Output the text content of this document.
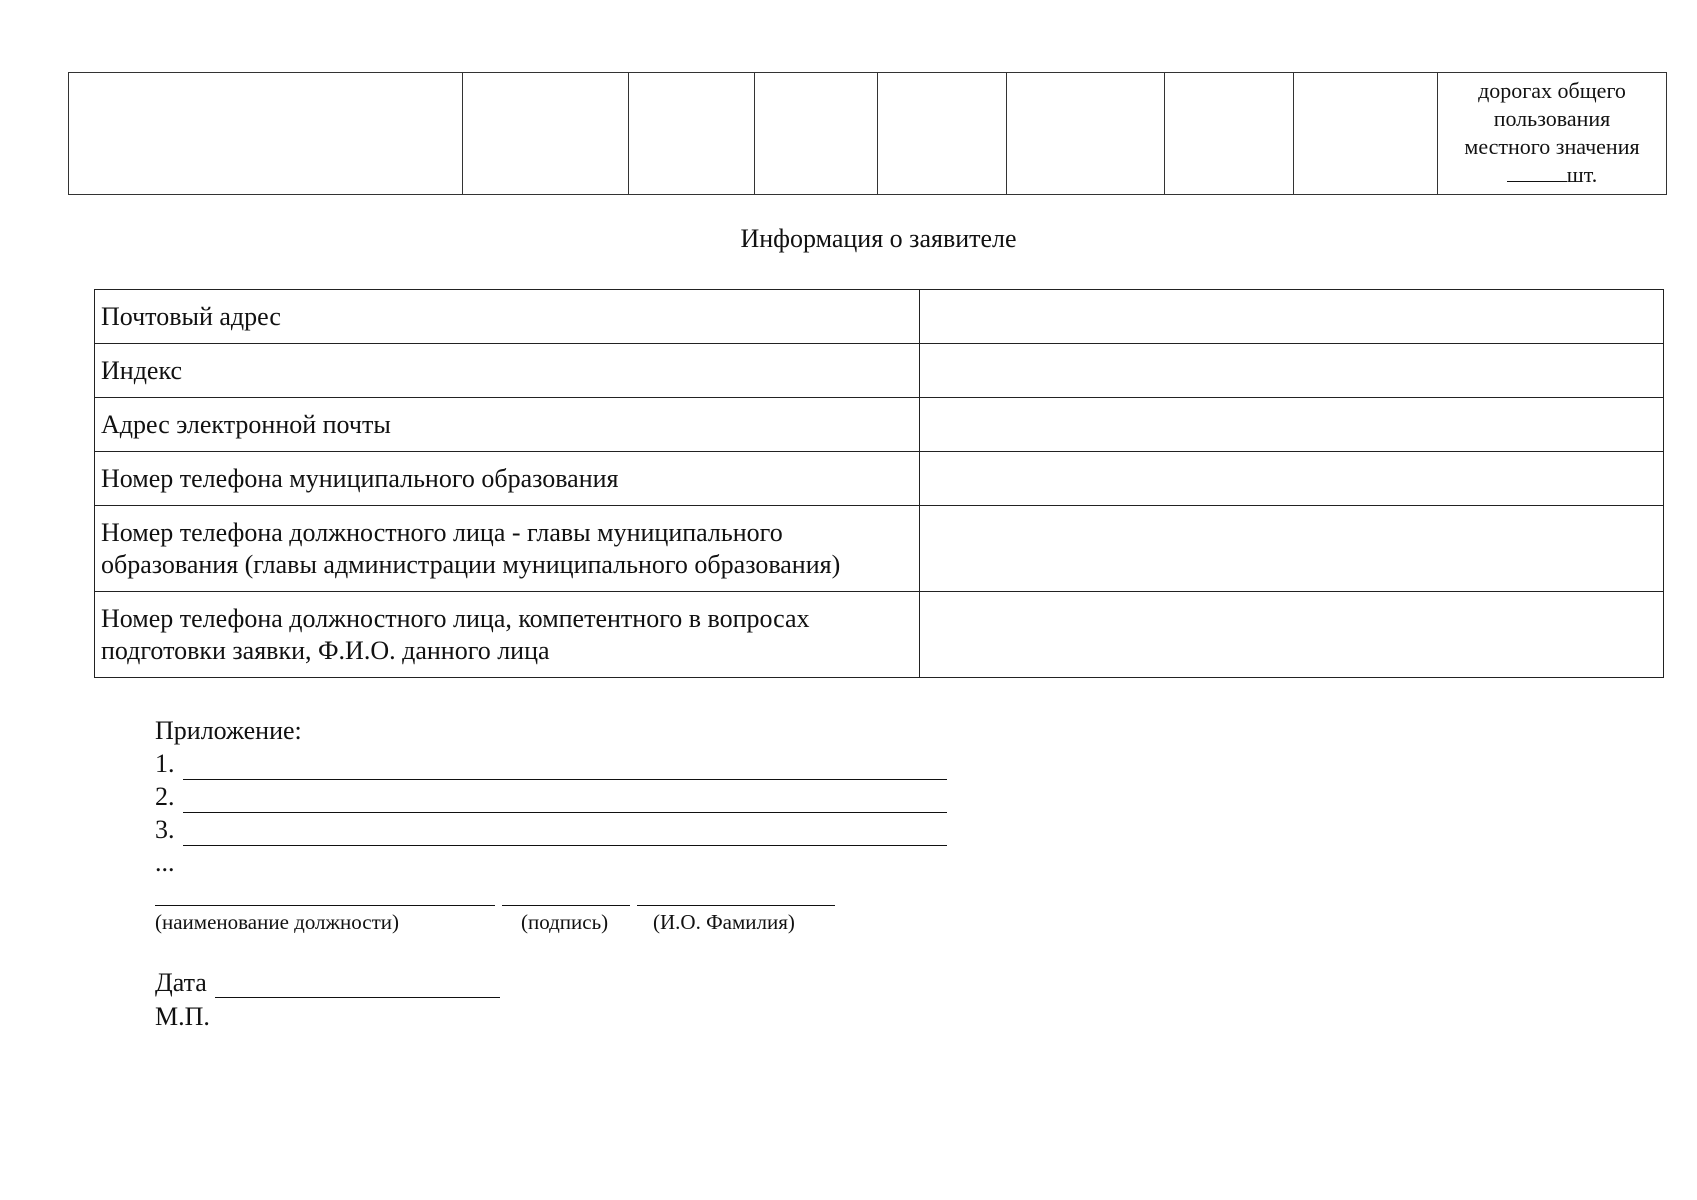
дорогах общего
пользования
местного значения
шт.
Информация о заявителе
Почтовый адрес	
Индекс	
Адрес электронной почты	
Номер телефона муниципального образования	

Номер телефона должностного лица - главы муниципального
образования (главы администрации муниципального образования)	

Номер телефона должностного лица, компетентного в вопросах
подготовки заявки, Ф.И.О. данного лица	

Приложение:
1.
2.
3.
...
(наименование должности)	(подпись) (И.О. Фамилия)
Дата
М.П.
